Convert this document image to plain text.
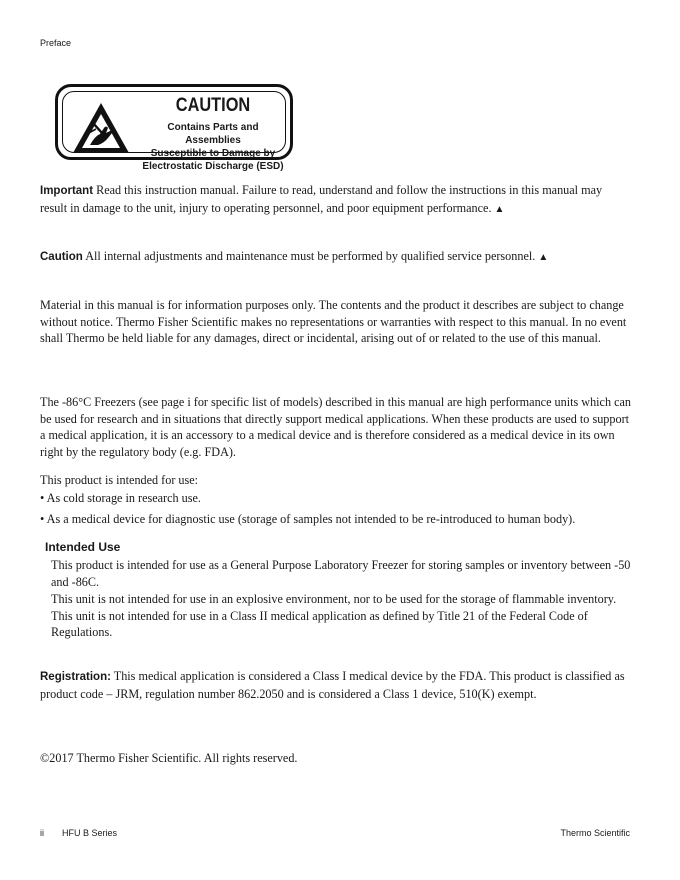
Preface
CAUTION
Contains Parts and Assemblies
Susceptible to Damage by
Electrostatic Discharge (ESD)
Important Read this instruction manual. Failure to read, understand and follow the instructions in this manual may result in damage to the unit, injury to operating personnel, and poor equipment performance. ▲
Caution All internal adjustments and maintenance must be performed by qualified service personnel. ▲
Material in this manual is for information purposes only. The contents and the product it describes are subject to change without notice. Thermo Fisher Scientific makes no representations or warranties with respect to this manual. In no event shall Thermo be held liable for any damages, direct or incidental, arising out of or related to the use of this manual.
The -86°C Freezers (see page i for specific list of models) described in this manual are high performance units which can be used for research and in situations that directly support medical applications. When these products are used to support a medical application, it is an accessory to a medical device and is therefore considered as a medical device in its own right by the regulatory body (e.g. FDA).
This product is intended for use:
• As cold storage in research use.
• As a medical device for diagnostic use (storage of samples not intended to be re-introduced to human body).
Intended Use
This product is intended for use as a General Purpose Laboratory Freezer for storing samples or inventory between -50 and -86C.
This unit is not intended for use in an explosive environment, nor to be used for the storage of flammable inventory. This unit is not intended for use in a Class II medical application as defined by Title 21 of the Federal Code of Regulations.
Registration: This medical application is considered a Class I medical device by the FDA. This product is classified as product code – JRM, regulation number 862.2050 and is considered a Class 1 device, 510(K) exempt.
©2017 Thermo Fisher Scientific. All rights reserved.
ii HFU B Series	Thermo Scientific
